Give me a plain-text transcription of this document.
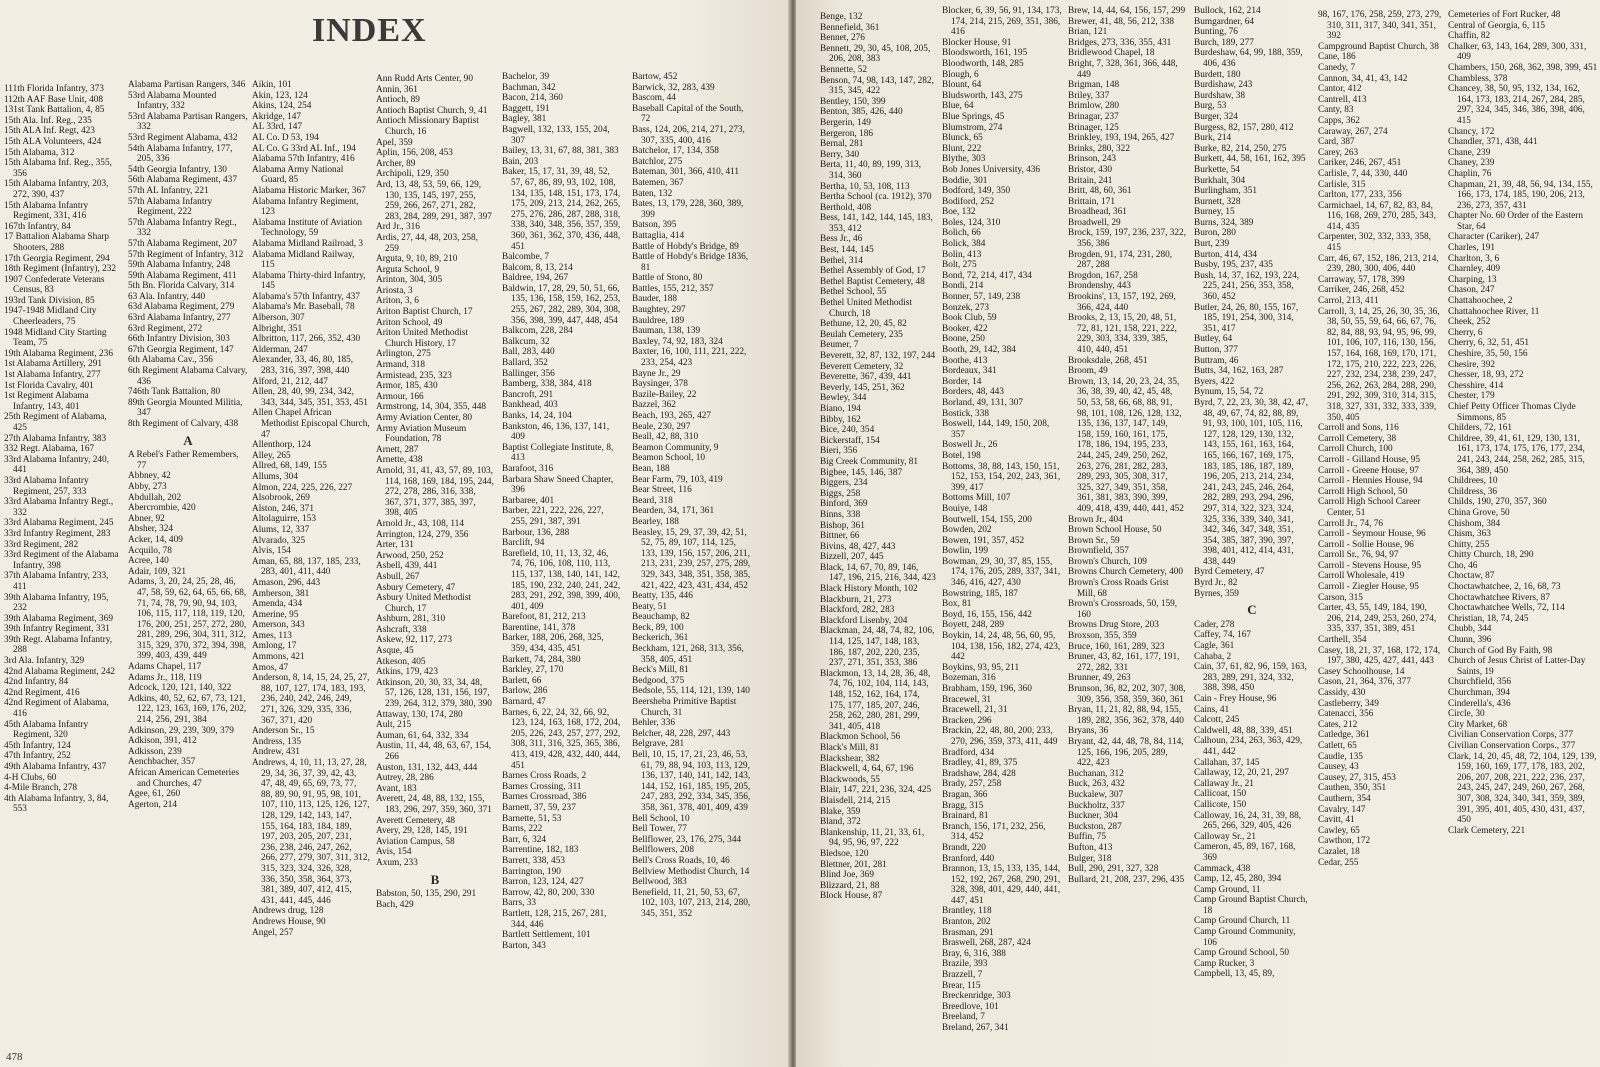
INDEX
111th Florida Infantry, 373
112th AAF Base Unit, 408
131st Tank Battalion, 4, 85
15th Ala. Inf. Reg., 235
15th ALA Inf. Regt, 423
15th ALA Volunteers, 424
15th Alabama, 312
15th Alabama Inf. Reg., 355, 356
15th Alabama Infantry, 203, 272, 390, 437
15th Alabama Infantry Regiment, 331, 416
167th Infantry, 84
17 Battalion Alabama Sharp Shooters, 288
17th Georgia Regiment, 294
18th Regiment (Infantry), 232
1907 Confederate Veterans Census, 83
193rd Tank Division, 85
1947-1948 Midland City Cheerleaders, 75
1948 Midland City Starting Team, 75
19th Alabama Regiment, 236
1st Alabama Artillery, 291
1st Alabama Infantry, 277
1st Florida Cavalry, 401
1st Regiment Alabama Infantry, 143, 401
25th Regiment of Alabama, 425
27th Alabama Infantry, 383
332 Regt. Alabama, 167
33rd Alabama Infantry, 240, 441
33rd Alabama Infantry Regiment, 257, 333
33rd Alabama Infantry Regt., 332
33rd Alabama Regiment, 245
33rd Infantry Regiment, 283
33rd Regiment, 282
33rd Regiment of the Alabama Infantry, 398
37th Alabama Infantry, 233, 411
39th Alabama Infantry, 195, 232
39th Alabama Regiment, 369
39th Infantry Regiment, 331
39th Regt. Alabama Infantry, 288
3rd Ala. Infantry, 329
42nd Alabama Regiment, 242
42nd Infantry, 84
42nd Regiment, 416
42nd Regiment of Alabama, 416
45th Alabama Infantry Regiment, 320
45th Infantry, 124
47th Infantry, 252
49th Alabama Infantry, 437
4-H Clubs, 60
4-Mile Branch, 278
4th Alabama Infantry, 3, 84, 553
Alabama Partisan Rangers, 346
53rd Alabama Mounted Infantry, 332
53rd Alabama Partisan Rangers, 332
53rd Regiment Alabama, 432
54th Alabama Infantry, 177, 205, 336
54th Georgia Infantry, 130
56th Alabama Regiment, 437
57th AL Infantry, 221
57th Alabama Infantry Regiment, 222
57th Alabama Infantry Regt., 332
57th Alabama Regiment, 207
57th Regiment of Infantry, 312
59th Alabama Infantry, 248
59th Alabama Regiment, 411
5th Bn. Florida Calvary, 314
63 Ala. Infantry, 440
63d Alabama Regiment, 279
63rd Alabama Infantry, 277
63rd Regiment, 272
66th Infantry Division, 303
67th Georgia Regiment, 147
6th Alabama Cav., 356
6th Regiment Alabama Calvary, 436
746th Tank Battalion, 80
89th Georgia Mounted Militia, 347
8th Regiment of Calvary, 438
A
A Rebel's Father Remembers, 77
Abbney, 42
Abby, 273
Abdullah, 202
Abercrombie, 420
Abner, 92
Absher, 324
Acker, 14, 409
Acquilo, 78
Acree, 140
Adair, 109, 321
Adams, 3, 20, 24, 25, 28, 46, 47, 58, 59, 62, 64, 65, 66, 68, 71, 74, 78, 79, 90, 94, 103, 106, 115, 117, 118, 119, 120, 176, 200, 251, 257, 272, 280, 281, 289, 296, 304, 311, 312, 315, 329, 370, 372, 394, 398, 399, 403, 439, 449
Adams Chapel, 117
Adams Jr., 118, 119
Adcock, 120, 121, 140, 322
Adkins, 40, 52, 62, 67, 73, 121, 122, 123, 163, 169, 176, 202, 214, 256, 291, 384
Adkinson, 29, 239, 309, 379
Adkison, 391, 412
Adkisson, 239
Aenchbacher, 357
African American Cemeteries and Churches, 47
Agee, 61, 260
Agerton, 214
Aikin, 101
Akin, 123, 124
Akins, 124, 254
Akridge, 147
AL 33rd, 147
AL Co. D 53, 194
AL Co. G 33rd AL Inf., 194
Alabama 57th Infantry, 416
Alabama Army National Guard, 85
Alabama Historic Marker, 367
Alabama Infantry Regiment, 123
Alabama Institute of Aviation Technology, 59
Alabama Midland Railroad, 3
Alabama Midland Railway, 115
Alabama Thirty-third Infantry, 145
Alabama's 57th Infantry, 437
Alabama's Mr. Baseball, 78
Alberson, 307
Albright, 351
Albritton, 117, 266, 352, 430
Alderman, 247
Alexander, 33, 46, 80, 185, 283, 316, 397, 398, 440
Alford, 21, 212, 447
Allen, 28, 40, 99, 234, 342, 343, 344, 345, 351, 353, 451
Allen Chapel African Methodist Episcopal Church, 47
Allenthorp, 124
Alley, 265
Allred, 68, 149, 155
Allums, 304
Almon, 224, 225, 226, 227
Alsobrook, 269
Alston, 246, 371
Altolaguirre, 153
Alums, 12, 337
Alvarado, 325
Alvis, 154
Aman, 65, 88, 137, 185, 233, 283, 401, 411, 440
Amason, 296, 443
Amberson, 381
Amenda, 434
Amerine, 95
Amerson, 343
Ames, 113
Amlong, 17
Ammons, 421
Amos, 47
Anderson, 8, 14, 15, 24, 25, 27, 88, 107, 127, 174, 183, 193, 236, 240, 242, 246, 249, 271, 326, 329, 335, 336, 367, 371, 420
Anderson Sr., 15
Andress, 135
Andrew, 431
Andrews, 4, 10, 11, 13, 27, 28, 29, 34, 36, 37, 39, 42, 43, 47, 48, 49, 65, 69, 73, 77, 88, 89, 90, 91, 95, 98, 101, 107, 110, 113, 125, 126, 127, 128, 129, 142, 143, 147, 155, 164, 183, 184, 189, 197, 203, 205, 207, 231, 236, 238, 246, 247, 262, 266, 277, 279, 307, 311, 312, 315, 323, 324, 326, 328, 336, 350, 358, 364, 373, 381, 389, 407, 412, 415, 431, 441, 445, 446
Andrews drug, 128
Andrews House, 90
Angel, 257
Ann Rudd Arts Center, 90
Annin, 361
Antioch, 89
Antioch Baptist Church, 9, 41
Antioch Missionary Baptist Church, 16
Apel, 359
Aplin, 156, 208, 453
Archer, 89
Archipoli, 129, 350
Ard, 13, 48, 53, 59, 66, 129, 130, 135, 145, 197, 255, 259, 266, 267, 271, 282, 283, 284, 289, 291, 387, 397
Ard Jr., 316
Ardis, 27, 44, 48, 203, 258, 259
Arguta, 9, 10, 89, 210
Arguta School, 9
Arinton, 304, 305
Ariosta, 3
Ariton, 3, 6
Ariton Baptist Church, 17
Ariton School, 49
Ariton United Methodist Church History, 17
Arlington, 275
Armand, 318
Armistead, 235, 323
Armor, 185, 430
Armour, 166
Armstrong, 14, 304, 355, 448
Army Aviation Center, 80
Army Aviation Museum Foundation, 78
Arnett, 287
Arnette, 438
Arnold, 31, 41, 43, 57, 89, 103, 114, 168, 169, 184, 195, 244, 272, 278, 286, 316, 338, 367, 371, 377, 385, 397, 398, 405
Arnold Jr., 43, 108, 114
Arrington, 124, 279, 356
Arter, 131
Arwood, 250, 252
Asbell, 439, 441
Asbull, 267
Asbury Cemetery, 47
Asbury United Methodist Church, 17
Ashburn, 281, 310
Ashcraft, 338
Askew, 92, 117, 273
Asque, 45
Atkeson, 405
Atkins, 179, 423
Atkinson, 20, 30, 33, 34, 48, 57, 126, 128, 131, 156, 197, 239, 264, 312, 379, 380, 390
Attaway, 130, 174, 280
Ault, 215
Auman, 61, 64, 332, 334
Austin, 11, 44, 48, 63, 67, 154, 266
Auston, 131, 132, 443, 444
Autrey, 28, 286
Avant, 183
Averett, 24, 48, 88, 132, 155, 183, 296, 297, 359, 360, 371
Averett Cemetery, 48
Avery, 29, 128, 145, 191
Aviation Campus, 58
Avis, 154
Axum, 233
B
Babston, 50, 135, 290, 291
Bach, 429
Bachelor, 39
Bachman, 342
Bacon, 214, 360
Baggett, 191
Bagley, 381
Bagwell, 132, 133, 155, 204, 307
Bailey, 13, 31, 67, 88, 381, 383
Bain, 203
Baker, 15, 17, 31, 39, 48, 52, 57, 67, 86, 89, 93, 102, 108, 134, 135, 148, 151, 173, 174, 175, 209, 213, 214, 262, 265, 275, 276, 286, 287, 288, 318, 338, 340, 348, 356, 357, 359, 360, 361, 362, 370, 436, 448, 451
Balcombe, 7
Balcom, 8, 13, 214
Baldree, 194, 267
Baldwin, 17, 28, 29, 50, 51, 66, 135, 136, 158, 159, 162, 253, 255, 267, 282, 289, 304, 308, 356, 398, 399, 447, 448, 454
Balkcom, 228, 284
Balkcum, 32
Ball, 283, 440
Ballard, 352
Ballinger, 356
Bamberg, 338, 384, 418
Bancroft, 291
Bankhead, 403
Banks, 14, 24, 104
Bankston, 46, 136, 137, 141, 409
Baptist Collegiate Institute, 8, 413
Barafoot, 316
Barbara Shaw Sneed Chapter, 396
Barbaree, 401
Barber, 221, 222, 226, 227, 255, 291, 387, 391
Barbour, 136, 288
Barclift, 94
Barefield, 10, 11, 13, 32, 46, 74, 76, 106, 108, 110, 113, 115, 137, 138, 140, 141, 142, 185, 190, 232, 240, 241, 242, 283, 291, 292, 398, 399, 400, 401, 409
Barefoot, 81, 212, 213
Barentine, 141, 378
Barker, 188, 206, 268, 325, 359, 434, 435, 451
Barkett, 74, 284, 380
Barkley, 27, 170
Barlett, 66
Barlow, 286
Barnard, 47
Barnes, 6, 22, 24, 32, 66, 92, 123, 124, 163, 168, 172, 204, 205, 226, 243, 257, 277, 292, 308, 311, 316, 325, 365, 386, 413, 419, 428, 432, 440, 444, 451
Barnes Cross Roads, 2
Barnes Crossing, 311
Barnes Crossroad, 386
Barnett, 37, 59, 237
Barnette, 51, 53
Barns, 222
Barr, 6, 324
Barrentine, 182, 183
Barrett, 338, 453
Barrington, 190
Barron, 123, 124, 427
Barrow, 42, 80, 200, 330
Barrs, 33
Bartlett, 128, 215, 267, 281, 344, 446
Bartlett Settlement, 101
Barton, 343
Bartow, 452
Barwick, 32, 283, 439
Bascom, 44
Baseball Capital of the South, 72
Bass, 124, 206, 214, 271, 273, 307, 335, 400, 416
Batchelor, 17, 134, 358
Batchlor, 275
Bateman, 301, 366, 410, 411
Batemen, 367
Baten, 132
Bates, 13, 179, 228, 360, 389, 399
Batson, 395
Battaglia, 414
Battle of Hobdy's Bridge, 89
Battle of Hobdy's Bridge 1836, 81
Battle of Stono, 80
Battles, 155, 212, 357
Bauder, 188
Baughtey, 297
Bauldree, 189
Bauman, 138, 139
Baxley, 74, 92, 183, 324
Baxter, 16, 100, 111, 221, 222, 233, 254, 423
Bayne Jr., 29
Baysinger, 378
Bazile-Bailey, 22
Bazzel, 362
Beach, 193, 265, 427
Beale, 230, 297
Beall, 42, 88, 310
Beamon Community, 9
Beamon School, 10
Bean, 188
Bear Farm, 79, 103, 419
Bear Street, 116
Beard, 318
Bearden, 34, 171, 361
Bearley, 188
Beasley, 15, 29, 37, 39, 42, 51, 52, 75, 89, 107, 114, 125, 133, 139, 156, 157, 206, 211, 213, 231, 239, 257, 275, 289, 329, 343, 348, 351, 358, 385, 421, 422, 423, 431, 434, 452
Beatty, 135, 446
Beaty, 51
Beauchamp, 82
Beck, 89, 100
Beckerich, 361
Beckham, 121, 268, 313, 356, 358, 405, 451
Beck's Mill, 81
Bedgood, 375
Bedsole, 55, 114, 121, 139, 140
Beersheba Primitive Baptist Church, 31
Behler, 336
Belcher, 48, 228, 297, 443
Belgrave, 281
Bell, 10, 15, 17, 21, 23, 46, 53, 61, 79, 88, 94, 103, 113, 129, 136, 137, 140, 141, 142, 143, 144, 152, 161, 185, 195, 205, 247, 283, 292, 334, 345, 356, 358, 361, 378, 401, 409, 439
Bell School, 10
Bell Tower, 77
Bellflower, 23, 176, 275, 344
Bellflowers, 208
Bell's Cross Roads, 10, 46
Bellview Methodist Church, 14
Bellwood, 383
Benefield, 11, 21, 50, 53, 67, 102, 103, 107, 213, 214, 280, 345, 351, 352
478
Benge, 132
Bennefield, 361
Bennet, 276
Bennett, 29, 30, 45, 108, 205, 206, 208, 383
Bennette, 52
Benson, 74, 98, 143, 147, 282, 315, 345, 422
Bentley, 150, 399
Benton, 385, 426, 440
Bergerin, 149
Bergeron, 186
Bernal, 281
Berry, 340
Berta, 11, 40, 89, 199, 313, 314, 360
Bertha, 10, 53, 108, 113
Bertha School (ca. 1912), 370
Berthold, 408
Bess, 141, 142, 144, 145, 183, 353, 412
Bess Jr., 46
Best, 144, 145
Bethel, 314
Bethel Assembly of God, 17
Bethel Baptist Cemetery, 48
Bethel School, 55
Bethel United Methodist Church, 18
Bethune, 12, 20, 45, 82
Beulah Cemetery, 235
Beumer, 7
Beverett, 32, 87, 132, 197, 244
Beverett Cemetery, 32
Beverette, 367, 439, 441
Beverly, 145, 251, 362
Bewley, 344
Biano, 194
Bibby, 162
Bice, 240, 354
Bickerstaff, 154
Bieri, 356
Big Creek Community, 81
Bigbee, 145, 146, 387
Biggers, 234
Biggs, 258
Binford, 369
Binns, 338
Bishop, 361
Bittner, 66
Bivins, 48, 427, 443
Bizzell, 207, 445
Black, 14, 67, 70, 89, 146, 147, 196, 215, 216, 344, 423
Black History Month, 102
Blackburn, 21, 273
Blackford, 282, 283
Blackford Lisenby, 204
Blackman, 24, 48, 74, 82, 106, 114, 125, 147, 148, 183, 186, 187, 202, 220, 235, 237, 271, 351, 353, 386
Blackmon, 13, 14, 28, 36, 48, 74, 76, 102, 104, 114, 143, 148, 152, 162, 164, 174, 175, 177, 185, 207, 246, 258, 262, 280, 281, 299, 341, 405, 418
Blackmon School, 56
Black's Mill, 81
Blackshear, 382
Blackwell, 4, 64, 67, 196
Blackwoods, 55
Blair, 147, 221, 236, 324, 425
Blaisdell, 214, 215
Blake, 359
Bland, 372
Blankenship, 11, 21, 33, 61, 94, 95, 96, 97, 222
Bledsoe, 120
Blettner, 201, 281
Blind Joe, 369
Blizzard, 21, 88
Block House, 87
Blocker, 6, 39, 56, 91, 134, 173, 174, 214, 215, 269, 351, 386, 416
Blocker House, 91
Bloodsworth, 161, 195
Bloodworth, 148, 285
Blough, 6
Blount, 64
Bludsworth, 143, 275
Blue, 64
Blue Springs, 45
Blumstrom, 274
Blunck, 65
Blunt, 222
Blythe, 303
Bob Jones University, 436
Boddie, 301
Bodford, 149, 350
Bodiford, 252
Boe, 132
Boles, 124, 310
Bolich, 66
Bolick, 384
Bolin, 413
Bolt, 275
Bond, 72, 214, 417, 434
Bondi, 214
Bonner, 57, 149, 238
Bonzek, 273
Book Club, 59
Booker, 422
Boone, 250
Booth, 29, 142, 384
Boothe, 413
Bordeaux, 341
Border, 14
Borders, 48, 443
Borland, 49, 131, 307
Bostick, 338
Boswell, 144, 149, 150, 208, 357
Boswell Jr., 26
Botel, 198
Bottoms, 38, 88, 143, 150, 151, 152, 153, 154, 202, 243, 361, 399, 417
Bottoms Mill, 107
Bouiye, 148
Boutwell, 154, 155, 200
Bowden, 202
Bowen, 191, 357, 452
Bowlin, 199
Bowman, 29, 30, 37, 85, 155, 174, 176, 205, 289, 337, 341, 346, 416, 427, 430
Bowstring, 185, 187
Box, 81
Boyd, 16, 155, 156, 442
Boyett, 248, 289
Boykin, 14, 24, 48, 56, 60, 95, 104, 138, 156, 182, 274, 423, 442
Boykins, 93, 95, 211
Bozeman, 316
Brabham, 159, 196, 360
Bracewel, 31
Bracewell, 21, 31
Bracken, 296
Brackin, 22, 48, 80, 200, 233, 270, 296, 359, 373, 411, 449
Bradford, 434
Bradley, 41, 89, 375
Bradshaw, 284, 428
Brady, 257, 258
Bragan, 366
Bragg, 315
Brainard, 81
Branch, 156, 171, 232, 256, 314, 452
Brandt, 220
Branford, 440
Brannon, 13, 15, 133, 135, 144, 152, 192, 267, 268, 290, 291, 328, 398, 401, 429, 440, 441, 447, 451
Brantley, 118
Branton, 202
Brasman, 291
Braswell, 268, 287, 424
Bray, 6, 316, 388
Brazile, 393
Brazzell, 7
Brear, 115
Breckenridge, 303
Breedlove, 101
Breeland, 7
Breland, 267, 341
Brew, 14, 44, 64, 156, 157, 299
Brewer, 41, 48, 56, 212, 338
Brian, 121
Bridges, 273, 336, 355, 431
Bridlewood Chapel, 18
Bright, 7, 328, 361, 366, 448, 449
Brigman, 148
Briley, 337
Brimlow, 280
Brinagar, 237
Brinager, 125
Brinkley, 193, 194, 265, 427
Brinks, 280, 322
Brinson, 243
Bristor, 430
Britain, 241
Britt, 48, 60, 361
Brittain, 171
Broadhead, 361
Broadwell, 29
Brock, 159, 197, 236, 237, 322, 356, 386
Brogden, 91, 174, 231, 280, 287, 288
Brogdon, 167, 258
Brondenshy, 443
Brookins', 13, 157, 192, 269, 366, 424, 440
Brooks, 2, 13, 15, 20, 48, 51, 72, 81, 121, 158, 221, 222, 229, 303, 334, 339, 385, 410, 440, 451
Brooksdale, 268, 451
Broom, 49
Brown, 13, 14, 20, 23, 24, 35, 36, 38, 39, 40, 42, 45, 48, 50, 53, 58, 66, 68, 88, 91, 98, 101, 108, 126, 128, 132, 135, 136, 137, 147, 149, 158, 159, 160, 161, 175, 178, 186, 194, 195, 233, 244, 245, 249, 250, 262, 263, 276, 281, 282, 283, 289, 293, 305, 308, 317, 325, 327, 349, 351, 358, 361, 381, 383, 390, 399, 409, 418, 439, 440, 441, 452
Brown Jr., 404
Brown School House, 50
Brown Sr., 59
Brownfield, 357
Brown's Church, 109
Browns Church Cemetery, 400
Brown's Cross Roads Grist Mill, 68
Brown's Crossroads, 50, 159, 160
Browns Drug Store, 203
Broxson, 355, 359
Bruce, 160, 161, 289, 323
Bruner, 43, 82, 161, 177, 191, 272, 282, 331
Brunner, 49, 263
Brunson, 36, 82, 202, 307, 308, 309, 356, 358, 359, 360, 361
Bryan, 11, 21, 82, 88, 94, 155, 189, 282, 356, 362, 378, 440
Bryans, 36
Bryant, 42, 44, 48, 78, 84, 114, 125, 166, 196, 205, 289, 422, 423
Buchanan, 312
Buck, 263, 432
Buckalew, 307
Buckholtz, 337
Buckner, 304
Buckston, 287
Buffin, 75
Bufton, 413
Bulger, 318
Bull, 290, 291, 327, 328
Bullard, 21, 208, 237, 296, 435
Bullock, 162, 214
Bumgardner, 64
Bunting, 76
Burch, 189, 277
Burdeshaw, 64, 99, 188, 359, 406, 436
Burdett, 180
Burdishaw, 243
Burdshaw, 38
Burg, 53
Burger, 324
Burgess, 82, 157, 280, 412
Burk, 214
Burke, 82, 214, 250, 275
Burkett, 44, 58, 161, 162, 395
Burkette, 54
Burkhalt, 304
Burlingham, 351
Burnett, 328
Burney, 15
Burns, 324, 389
Buron, 280
Burt, 239
Burton, 414, 434
Busby, 195, 237, 435
Bush, 14, 37, 162, 193, 224, 225, 241, 256, 353, 358, 360, 452
Butler, 24, 26, 80, 155, 167, 185, 191, 254, 300, 314, 351, 417
Butley, 64
Button, 377
Buttram, 46
Butts, 34, 162, 163, 287
Byers, 422
Bynum, 15, 54, 72
Byrd, 7, 22, 23, 30, 38, 42, 47, 48, 49, 67, 74, 82, 88, 89, 91, 93, 100, 101, 105, 116, 127, 128, 129, 130, 132, 143, 155, 161, 163, 164, 165, 166, 167, 169, 175, 183, 185, 186, 187, 189, 196, 205, 213, 214, 234, 241, 243, 245, 246, 264, 282, 289, 293, 294, 296, 297, 314, 322, 323, 324, 325, 336, 339, 340, 341, 342, 346, 347, 348, 351, 354, 385, 387, 390, 397, 398, 401, 412, 414, 431, 438, 449
Byrd Cemetery, 47
Byrd Jr., 82
Byrnes, 359
C
Cader, 278
Caffey, 74, 167
Cagle, 361
Cahaba, 2
Cain, 37, 61, 82, 96, 159, 163, 283, 289, 291, 324, 332, 388, 398, 450
Cain - Frey House, 96
Cains, 41
Calcott, 245
Caldwell, 48, 88, 339, 451
Calhoun, 234, 263, 363, 429, 441, 442
Callahan, 37, 145
Callaway, 12, 20, 21, 297
Callaway Jr., 21
Callicoat, 150
Callicote, 150
Calloway, 16, 24, 31, 39, 88, 265, 266, 329, 405, 426
Calloway Sr., 21
Cameron, 45, 89, 167, 168, 369
Cammack, 438
Camp, 12, 45, 280, 394
Camp Ground, 11
Camp Ground Baptist Church, 18
Camp Ground Church, 11
Camp Ground Community, 106
Camp Ground School, 50
Camp Rucker, 3
Campbell, 13, 45, 89,
98, 167, 176, 258, 259, 273, 279, 310, 311, 317, 340, 341, 351, 392
Campground Baptist Church, 38
Cane, 186
Canedy, 7
Cannon, 34, 41, 43, 142
Cantor, 412
Cantrell, 413
Canty, 83
Capps, 362
Caraway, 267, 274
Card, 387
Carey, 263
Cariker, 246, 267, 451
Carlisle, 7, 44, 330, 440
Carlisle, 315
Carlton, 177, 233, 356
Carmichael, 14, 67, 82, 83, 84, 116, 168, 269, 270, 285, 343, 414, 435
Carpenter, 302, 332, 333, 358, 415
Carr, 46, 67, 152, 186, 213, 214, 239, 280, 300, 406, 440
Carraway, 57, 178, 399
Carriker, 246, 268, 452
Carrol, 213, 411
Carroll, 3, 14, 25, 26, 30, 35, 36, 38, 50, 55, 59, 64, 66, 67, 76, 82, 84, 88, 93, 94, 95, 96, 99, 101, 106, 107, 116, 130, 156, 157, 164, 168, 169, 170, 171, 172, 175, 210, 222, 223, 226, 227, 232, 234, 238, 239, 247, 256, 262, 263, 284, 288, 290, 291, 292, 309, 310, 314, 315, 318, 327, 331, 332, 333, 339, 350, 405
Carroll and Sons, 116
Carroll Cemetery, 38
Carroll Church, 100
Carroll - Gilland House, 95
Carroll - Greene House, 97
Carroll - Hennies House, 94
Carroll High School, 50
Carroll High School Career Center, 51
Carroll Jr., 74, 76
Carroll - Seymour House, 96
Carroll - Sollie House, 96
Carroll Sr., 76, 94, 97
Carroll - Stevens House, 95
Carroll Wholesale, 419
Carroll - Ziegler House, 95
Carson, 315
Carter, 43, 55, 149, 184, 190, 206, 214, 249, 253, 260, 274, 335, 337, 351, 389, 451
Carthell, 354
Casey, 18, 21, 37, 168, 172, 174, 197, 380, 425, 427, 441, 443
Casey Schoolhouse, 14
Cason, 21, 364, 376, 377
Cassidy, 430
Castleberry, 349
Catenacci, 356
Cates, 212
Catledge, 361
Catlett, 65
Caudle, 135
Causey, 43
Causey, 27, 315, 453
Cauthen, 350, 351
Cauthern, 354
Cavalry, 147
Cavitt, 41
Cawley, 65
Cawthon, 172
Cazalet, 18
Cedar, 255
Cemeteries of Fort Rucker, 48
Central of Georgia, 6, 115
Chaffin, 82
Chalker, 63, 143, 164, 289, 300, 331, 409
Chambers, 150, 268, 362, 398, 399, 451
Chambless, 378
Chancey, 38, 50, 95, 132, 134, 162, 164, 173, 183, 214, 267, 284, 285, 297, 324, 345, 346, 386, 398, 406, 415
Chancy, 172
Chandler, 371, 438, 441
Chane, 239
Chaney, 239
Chaplin, 76
Chapman, 21, 39, 48, 56, 94, 134, 155, 166, 173, 174, 185, 190, 206, 213, 236, 273, 357, 431
Chapter No. 60 Order of the Eastern Star, 64
Character (Cariker), 247
Charles, 191
Charlton, 3, 6
Charnley, 409
Charping, 13
Chason, 247
Chattahoochee, 2
Chattahoochee River, 11
Cheek, 252
Cherry, 6
Cherry, 6, 32, 51, 451
Cheshire, 35, 50, 156
Chesire, 392
Chesser, 18, 93, 272
Chesshire, 414
Chester, 179
Chief Petty Officer Thomas Clyde Simmons, 85
Childers, 72, 161
Childree, 39, 41, 61, 129, 130, 131, 161, 173, 174, 175, 176, 177, 234, 241, 243, 244, 258, 262, 285, 315, 364, 389, 450
Childrees, 10
Childress, 36
Childs, 190, 270, 357, 360
China Grove, 50
Chishom, 384
Chism, 363
Chitty, 255
Chitty Church, 18, 290
Cho, 46
Choctaw, 87
Choctawhatchee, 2, 16, 68, 73
Choctawhatchee Rivers, 87
Choctawhatchee Wells, 72, 114
Christian, 18, 74, 245
Chubb, 344
Chunn, 396
Church of God By Faith, 98
Church of Jesus Christ of Latter-Day Saints, 19
Churchfield, 356
Churchman, 394
Cinderella's, 436
Circle, 30
City Market, 68
Civilian Conservation Corps, 377
Civilian Conservation Corps., 377
Clark, 14, 20, 45, 48, 72, 104, 129, 139, 159, 160, 169, 177, 178, 183, 202, 206, 207, 208, 221, 222, 236, 237, 243, 245, 247, 249, 260, 267, 268, 307, 308, 324, 340, 341, 359, 389, 391, 395, 401, 405, 430, 431, 437, 450
Clark Cemetery, 221
